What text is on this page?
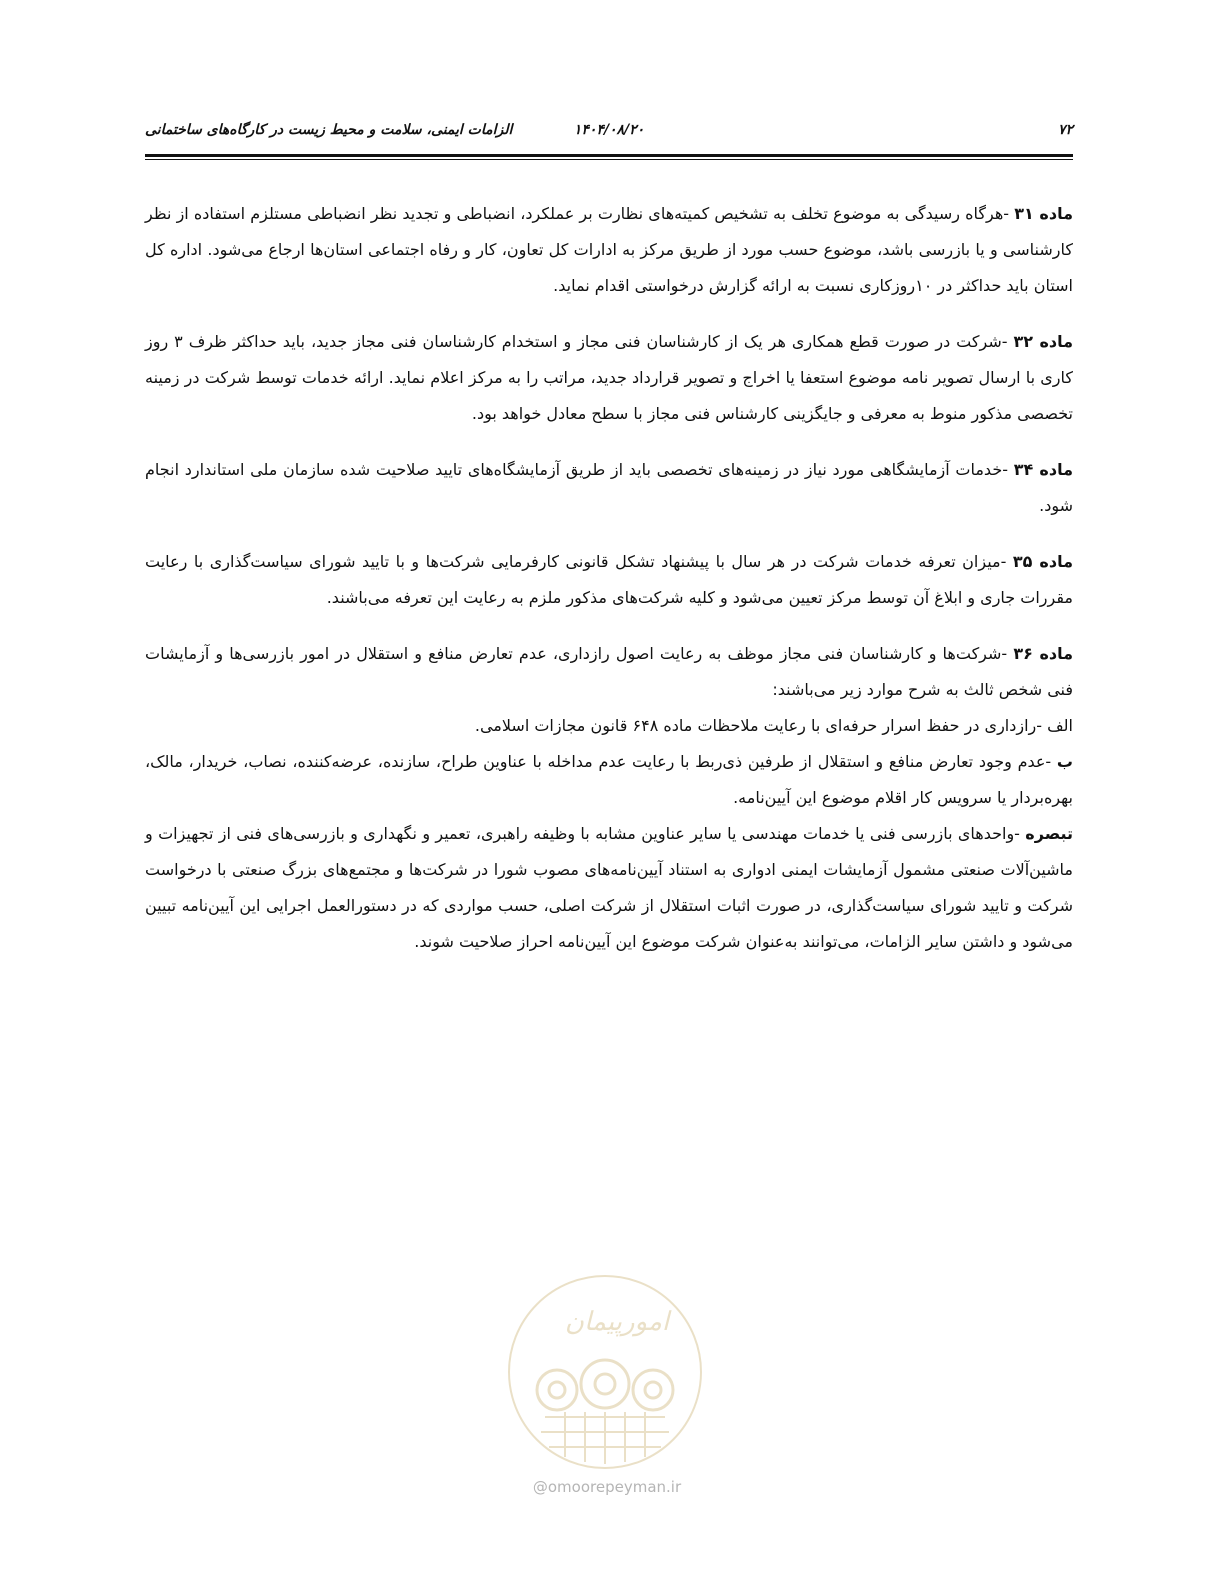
۷۲
۱۴۰۴/۰۸/۲۰
الزامات ایمنی، سلامت و محیط زیست در کارگاه‌های ساختمانی

ماده ۳۱ -هرگاه رسیدگی به موضوع تخلف به تشخیص کمیته‌های نظارت بر عملکرد، انضباطی و تجدید نظر انضباطی مستلزم استفاده از نظر کارشناسی و یا بازرسی باشد، موضوع حسب مورد از طریق مرکز به ادارات کل تعاون، کار و رفاه اجتماعی استان‌ها ارجاع می‌شود. اداره کل استان باید حداکثر در ۱۰روزکاری نسبت به ارائه گزارش درخواستی اقدام نماید.

ماده ۳۲ -شرکت در صورت قطع همکاری هر یک از کارشناسان فنی مجاز و استخدام کارشناسان فنی مجاز جدید، باید حداکثر ظرف ۳ روز کاری با ارسال تصویر نامه موضوع استعفا یا اخراج و تصویر قرارداد جدید، مراتب را به مرکز اعلام نماید. ارائه خدمات توسط شرکت در زمینه تخصصی مذکور منوط به معرفی و جایگزینی کارشناس فنی مجاز با سطح معادل خواهد بود.

ماده ۳۴ -خدمات آزمایشگاهی مورد نیاز در زمینه‌های تخصصی باید از طریق آزمایشگاه‌های تایید صلاحیت شده سازمان ملی استاندارد انجام شود.

ماده ۳۵ -میزان تعرفه خدمات شرکت در هر سال با پیشنهاد تشکل قانونی کارفرمایی شرکت‌ها و با تایید شورای سیاست‌گذاری با رعایت مقررات جاری و ابلاغ آن توسط مرکز تعیین می‌شود و کلیه شرکت‌های مذکور ملزم به رعایت این تعرفه می‌باشند.

ماده ۳۶ -شرکت‌ها و کارشناسان فنی مجاز موظف به رعایت اصول رازداری، عدم تعارض منافع و استقلال در امور بازرسی‌ها و آزمایشات فنی شخص ثالث به شرح موارد زیر می‌باشند:

الف -رازداری در حفظ اسرار حرفه‌ای با رعایت ملاحظات ماده ۶۴۸ قانون مجازات اسلامی.

ب -عدم وجود تعارض منافع و استقلال از طرفین ذی‌ربط با رعایت عدم مداخله با عناوین طراح، سازنده، عرضه‌کننده، نصاب، خریدار، مالک، بهره‌بردار یا سرویس کار اقلام موضوع این آیین‌نامه.

تبصره -واحدهای بازرسی فنی یا خدمات مهندسی یا سایر عناوین مشابه با وظیفه راهبری، تعمیر و نگهداری و بازرسی‌های فنی از تجهیزات و ماشین‌آلات صنعتی مشمول آزمایشات ایمنی ادواری به استناد آیین‌نامه‌های مصوب شورا در شرکت‌ها و مجتمع‌های بزرگ صنعتی با درخواست شرکت و تایید شورای سیاست‌گذاری، در صورت اثبات استقلال از شرکت اصلی، حسب مواردی که در دستورالعمل اجرایی این آیین‌نامه تبیین می‌شود و داشتن سایر الزامات، می‌توانند به‌عنوان شرکت موضوع این آیین‌نامه احراز صلاحیت شوند.

امورپیمان
@omoorepeyman.ir
